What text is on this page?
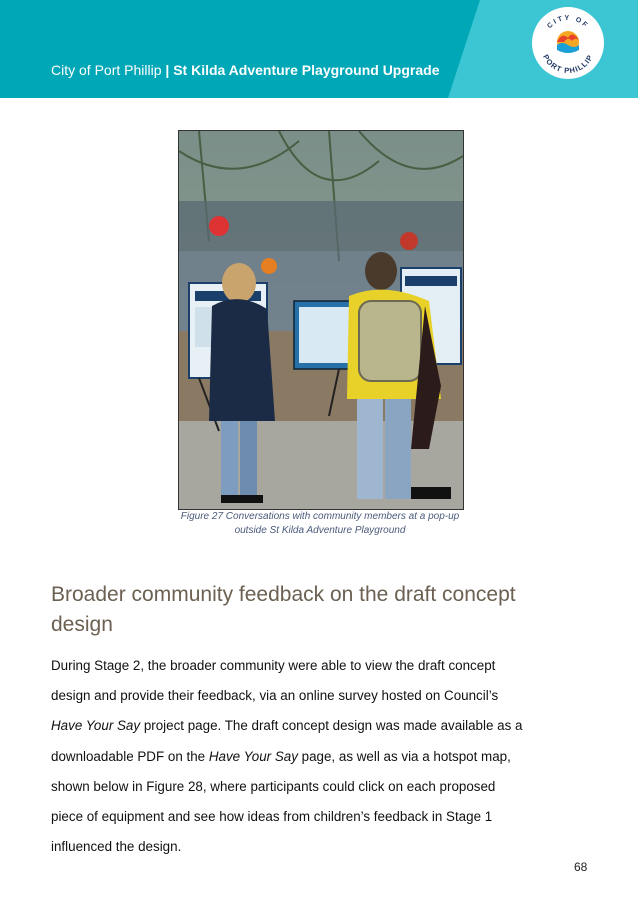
City of Port Phillip | St Kilda Adventure Playground Upgrade
CITY OF
PORT PHILLIP
Figure 27 Conversations with community members at a pop-up
outside St Kilda Adventure Playground
Broader community feedback on the draft concept
design
During Stage 2, the broader community were able to view the draft concept
design and provide their feedback, via an online survey hosted on Council’s
Have Your Say project page. The draft concept design was made available as a
downloadable PDF on the Have Your Say page, as well as via a hotspot map,
shown below in Figure 28, where participants could click on each proposed
piece of equipment and see how ideas from children’s feedback in Stage 1
influenced the design.
68
